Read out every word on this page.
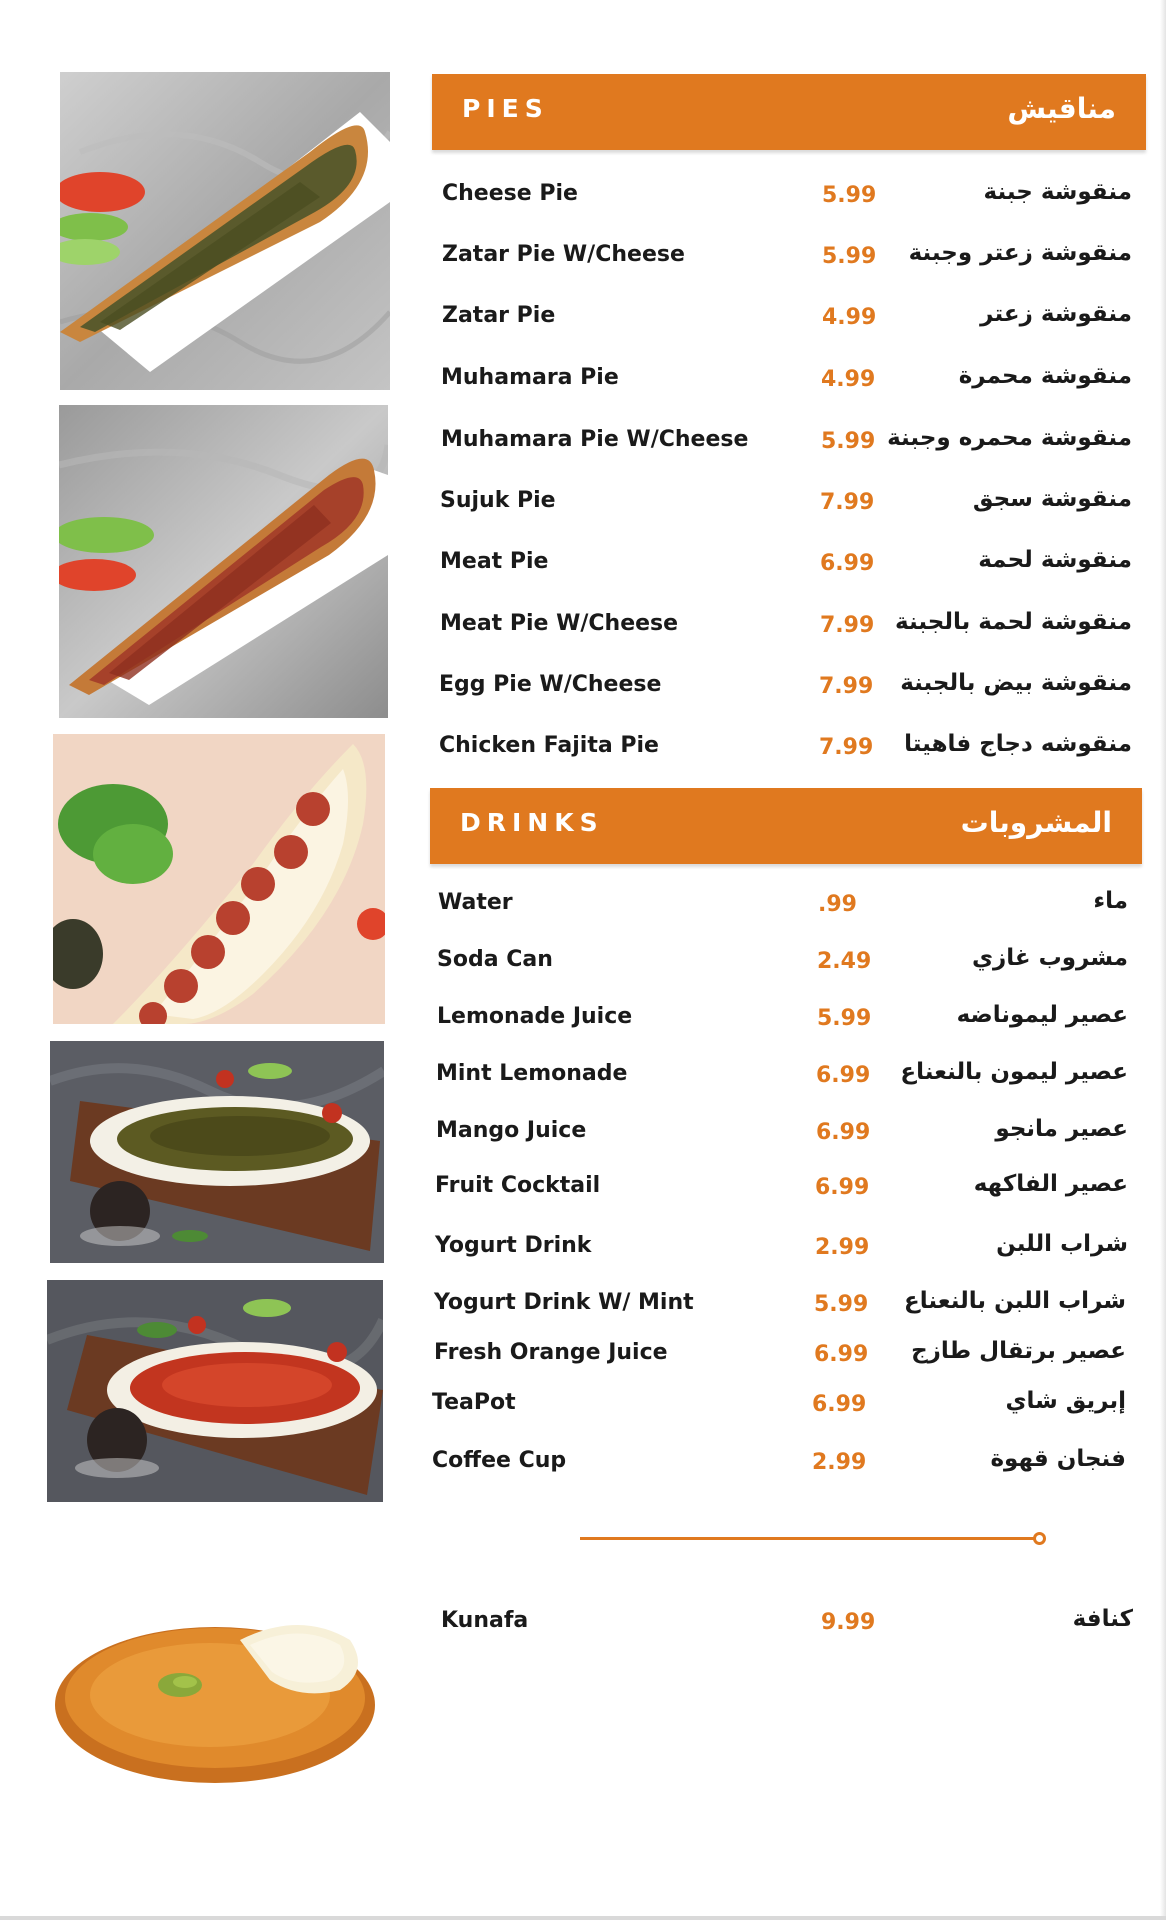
PIES	مناقيش
Cheese Pie	5.99	منقوشة جبنة
Zatar Pie W/Cheese	5.99 منقوشة زعتر وجبنة
Zatar Pie	4.99	منقوشة زعتر
Muhamara Pie	4.99	منقوشة محمرة
Muhamara Pie W/Cheese	5.99 منقوشة محمره وجبنة
Sujuk Pie	7.99	منقوشة سجق
Meat Pie	6.99	منقوشة لحمة
Meat Pie W/Cheese	7.99 منقوشة لحمة بالجبنة
Egg Pie W/Cheese	7.99 منقوشة بيض بالجبنة
Chicken Fajita Pie	7.99 منقوشه دجاج فاهيتا
DRINKS	المشروبات
Water	.99	ماء
Soda Can	2.49	مشروب غازي
Lemonade Juice	5.99	عصير ليموناضه
Mint Lemonade	6.99 عصير ليمون بالنعناع
Mango Juice	6.99	عصير مانجو
Fruit Cocktail	6.99	عصير الفاكهه
Yogurt Drink	2.99	شراب اللبن
Yogurt Drink W/ Mint	5.99 شراب اللبن بالنعناع
Fresh Orange Juice	6.99 عصير برتقال طازج
TeaPot	6.99	إبريق شاي
Coffee Cup	2.99	فنجان قهوة
Kunafa	9.99	كنافة
